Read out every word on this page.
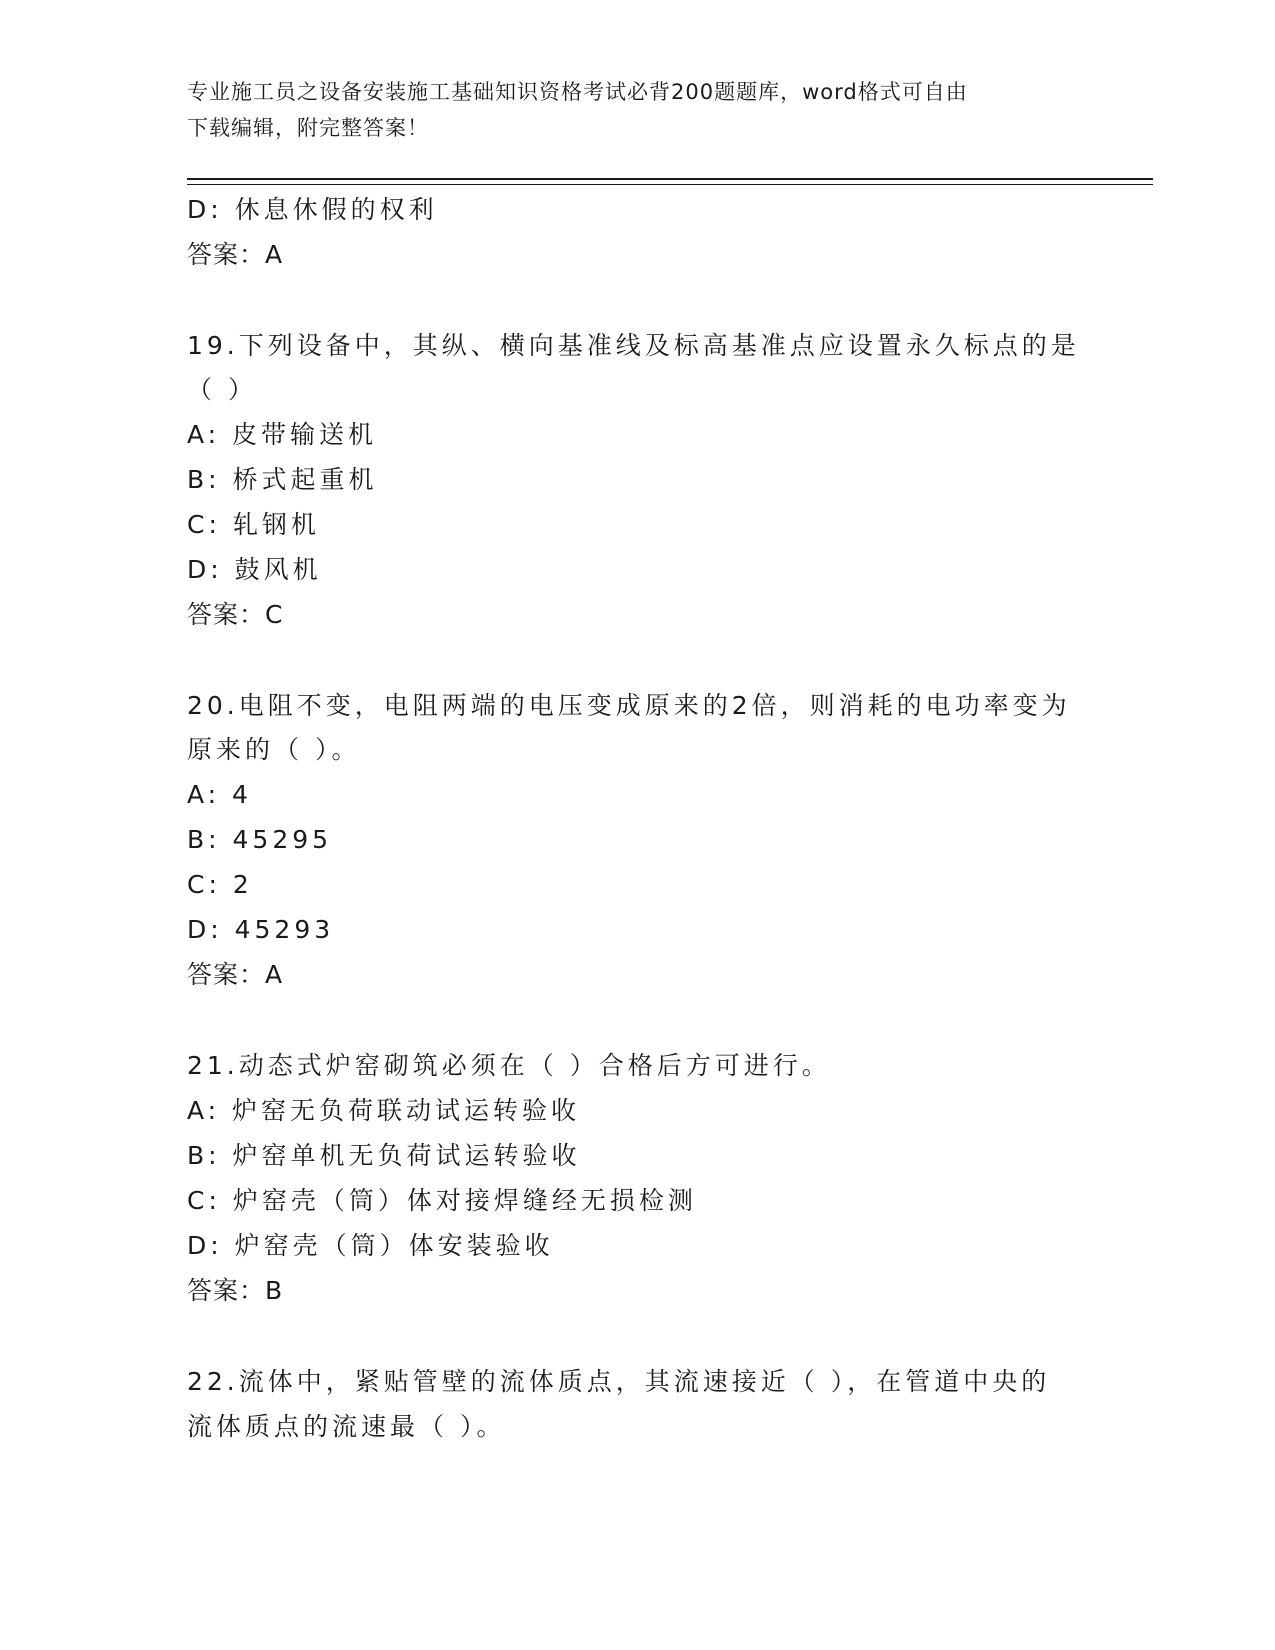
专业施工员之设备安装施工基础知识资格考试必背200题题库，word格式可自由
下载编辑，附完整答案！
D: 休息休假的权利
答案：A
19.下列设备中，其纵、横向基准线及标高基准点应设置永久标点的是
（ ）
A: 皮带输送机
B: 桥式起重机
C: 轧钢机
D: 鼓风机
答案：C
20.电阻不变，电阻两端的电压变成原来的2倍，则消耗的电功率变为
原来的（ ）。
A: 4
B: 45295
C: 2
D: 45293
答案：A
21.动态式炉窑砌筑必须在（ ）合格后方可进行。
A: 炉窑无负荷联动试运转验收
B: 炉窑单机无负荷试运转验收
C: 炉窑壳（筒）体对接焊缝经无损检测
D: 炉窑壳（筒）体安装验收
答案：B
22.流体中，紧贴管壁的流体质点，其流速接近（ ），在管道中央的
流体质点的流速最（ ）。
